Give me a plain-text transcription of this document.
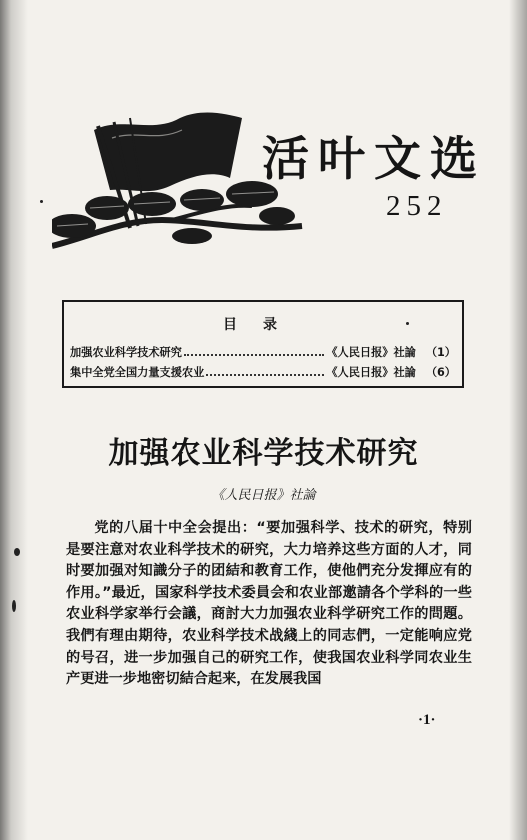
活叶文选
252
目录
加强农业科学技术研究	《人民日报》社論 （1）
集中全党全国力量支援农业	《人民日报》社論 （6）
加强农业科学技术研究
《人民日报》社論

党的八届十中全会提出：“要加强科学、技术的研究，特别是要注意对农业科学技术的研究，大力培养这些方面的人才，同时要加强对知識分子的团結和教育工作，使他們充分发揮应有的作用。”最近，国家科学技术委員会和农业部邀請各个学科的一些农业科学家举行会議，商討大力加强农业科学研究工作的問題。我們有理由期待，农业科学技术战綫上的同志們，一定能响应党的号召，进一步加强自己的研究工作，使我国农业科学同农业生产更进一步地密切結合起来，在发展我国

·1·
